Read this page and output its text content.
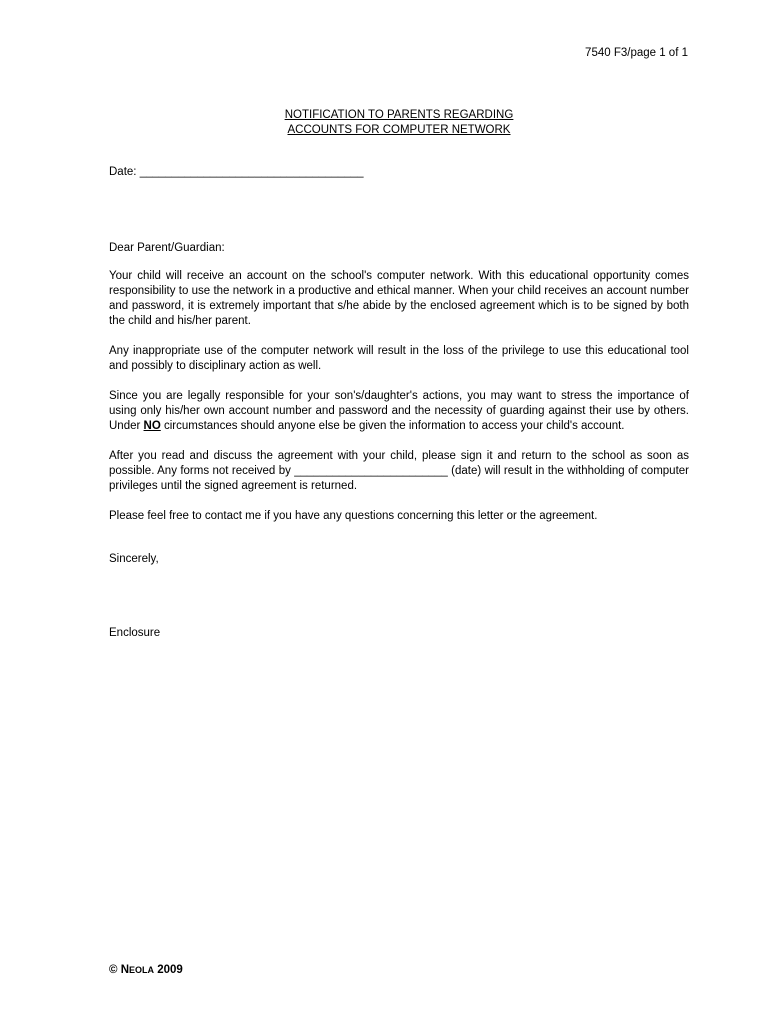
7540 F3/page 1 of 1
NOTIFICATION TO PARENTS REGARDING
ACCOUNTS FOR COMPUTER NETWORK
Date: ___________________________________

Dear Parent/Guardian:

Your child will receive an account on the school's computer network. With this educational opportunity comes responsibility to use the network in a productive and ethical manner. When your child receives an account number and password, it is extremely important that s/he abide by the enclosed agreement which is to be signed by both the child and his/her parent.

Any inappropriate use of the computer network will result in the loss of the privilege to use this educational tool and possibly to disciplinary action as well.

Since you are legally responsible for your son's/daughter's actions, you may want to stress the importance of using only his/her own account number and password and the necessity of guarding against their use by others. Under NO circumstances should anyone else be given the information to access your child's account.

After you read and discuss the agreement with your child, please sign it and return to the school as soon as possible. Any forms not received by ________________________ (date) will result in the withholding of computer privileges until the signed agreement is returned.

Please feel free to contact me if you have any questions concerning this letter or the agreement.

Sincerely,
Enclosure
© NEOLA 2009
